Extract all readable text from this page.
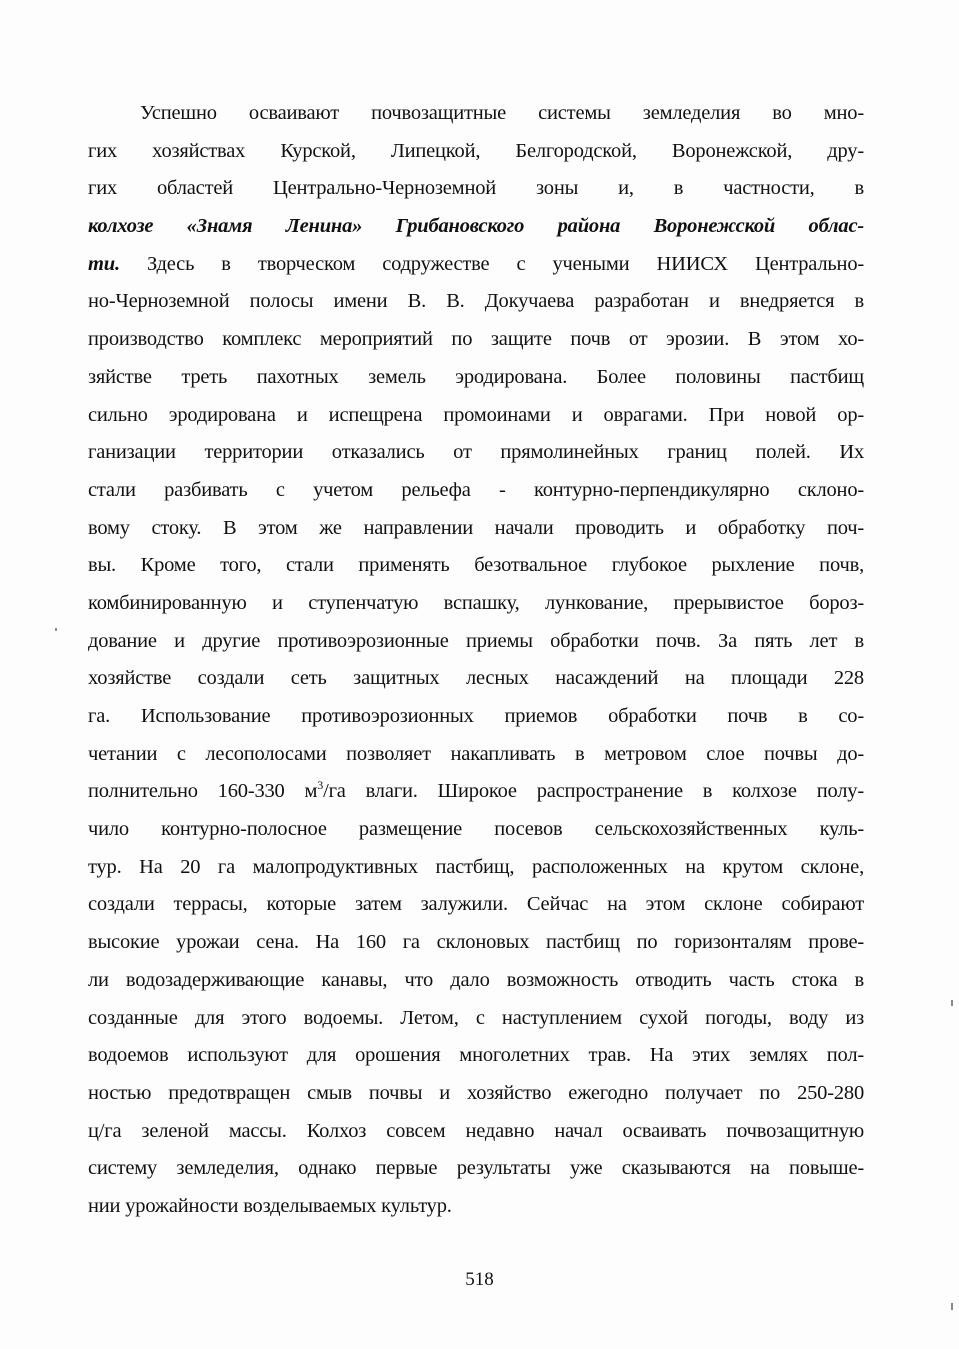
Успешно осваивают почвозащитные системы земледелия во мно-
гих хозяйствах Курской, Липецкой, Белгородской, Воронежской, дру-
гих областей Центрально-Черноземной зоны и, в частности, в
колхозе «Знамя Ленина» Грибановского района Воронежской облас-
ти. Здесь в творческом содружестве с учеными НИИСХ Центрально-
но-Черноземной полосы имени В. В. Докучаева разработан и внедряется в
производство комплекс мероприятий по защите почв от эрозии. В этом хо-
зяйстве треть пахотных земель эродирована. Более половины пастбищ
сильно эродирована и испещрена промоинами и оврагами. При новой ор-
ганизации территории отказались от прямолинейных границ полей. Их
стали разбивать с учетом рельефа - контурно-перпендикулярно склоно-
вому стоку. В этом же направлении начали проводить и обработку поч-
вы. Кроме того, стали применять безотвальное глубокое рыхление почв,
комбинированную и ступенчатую вспашку, лункование, прерывистое бороз-
дование и другие противоэрозионные приемы обработки почв. За пять лет в
хозяйстве создали сеть защитных лесных насаждений на площади 228
га. Использование противоэрозионных приемов обработки почв в со-
четании с лесополосами позволяет накапливать в метровом слое почвы до-
полнительно 160-330 $м^3/га$ влаги. Широкое распространение в колхозе полу-
чило контурно-полосное размещение посевов сельскохозяйственных куль-
тур. На 20 га малопродуктивных пастбищ, расположенных на крутом склоне,
создали террасы, которые затем залужили. Сейчас на этом склоне собирают
высокие урожаи сена. На 160 га склоновых пастбищ по горизонталям прове-
ли водозадерживающие канавы, что дало возможность отводить часть стока в
созданные для этого водоемы. Летом, с наступлением сухой погоды, воду из
водоемов используют для орошения многолетних трав. На этих землях пол-
ностью предотвращен смыв почвы и хозяйство ежегодно получает по 250-280
ц/га зеленой массы. Колхоз совсем недавно начал осваивать почвозащитную
систему земледелия, однако первые результаты уже сказываются на повыше-
нии урожайности возделываемых культур.
518
